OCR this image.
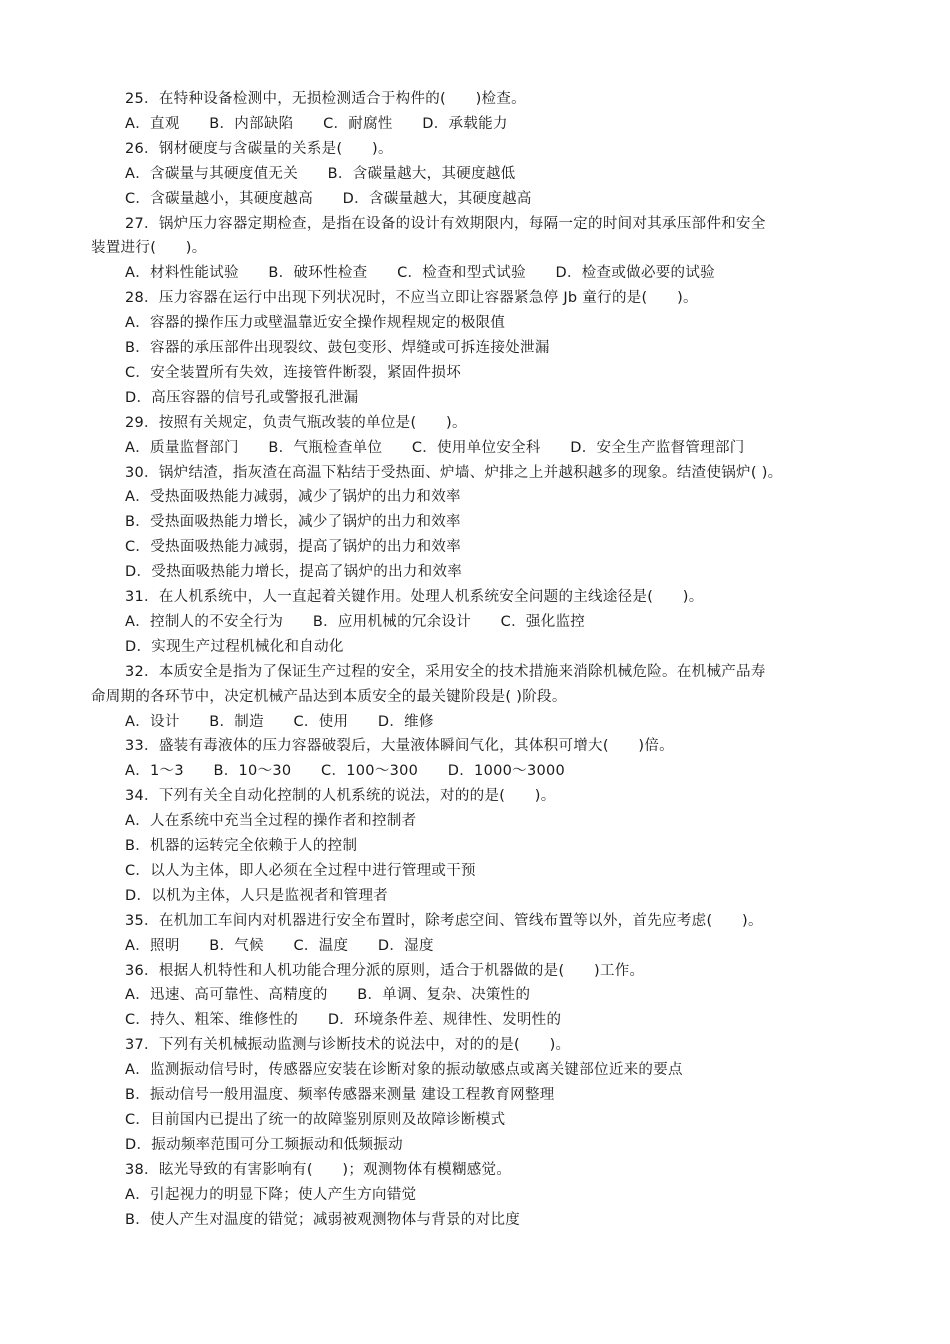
25．在特种设备检测中，无损检测适合于构件的(　　)检查。
A．直观　　B．内部缺陷　　C．耐腐性　　D．承载能力
26．钢材硬度与含碳量的关系是(　　)。
A．含碳量与其硬度值无关　　B．含碳量越大，其硬度越低
C．含碳量越小，其硬度越高　　D．含碳量越大，其硬度越高
27．锅炉压力容器定期检查，是指在设备的设计有效期限内，每隔一定的时间对其承压部件和安全
装置进行(　　)。
A．材料性能试验　　B．破环性检查　　C．检查和型式试验　　D．检查或做必要的试验
28．压力容器在运行中出现下列状况时，不应当立即让容器紧急停 Jb 童行的是(　　)。
A．容器的操作压力或壁温靠近安全操作规程规定的极限值
B．容器的承压部件出现裂纹、鼓包变形、焊缝或可拆连接处泄漏
C．安全装置所有失效，连接管件断裂，紧固件损坏
D．高压容器的信号孔或警报孔泄漏
29．按照有关规定，负责气瓶改装的单位是(　　)。
A．质量监督部门　　B．气瓶检查单位　　C．使用单位安全科　　D．安全生产监督管理部门
30．锅炉结渣，指灰渣在高温下粘结于受热面、炉墙、炉排之上并越积越多的现象。结渣使锅炉( )。
A．受热面吸热能力减弱，减少了锅炉的出力和效率
B．受热面吸热能力增长，减少了锅炉的出力和效率
C．受热面吸热能力减弱，提高了锅炉的出力和效率
D．受热面吸热能力增长，提高了锅炉的出力和效率
31．在人机系统中，人一直起着关键作用。处理人机系统安全问题的主线途径是(　　)。
A．控制人的不安全行为　　B．应用机械的冗余设计　　C．强化监控
D．实现生产过程机械化和自动化
32．本质安全是指为了保证生产过程的安全，采用安全的技术措施来消除机械危险。在机械产品寿
命周期的各环节中，决定机械产品达到本质安全的最关键阶段是( )阶段。
A．设计　　B．制造　　C．使用　　D．维修
33．盛装有毒液体的压力容器破裂后，大量液体瞬间气化，其体积可增大(　　)倍。
A．1～3　　B．10～30　　C．100～300　　D．1000～3000
34．下列有关全自动化控制的人机系统的说法，对的的是(　　)。
A．人在系统中充当全过程的操作者和控制者
B．机器的运转完全依赖于人的控制
C．以人为主体，即人必须在全过程中进行管理或干预
D．以机为主体，人只是监视者和管理者
35．在机加工车间内对机器进行安全布置时，除考虑空间、管线布置等以外，首先应考虑(　　)。
A．照明　　B．气候　　C．温度　　D．湿度
36．根据人机特性和人机功能合理分派的原则，适合于机器做的是(　　)工作。
A．迅速、高可靠性、高精度的　　B．单调、复杂、决策性的
C．持久、粗笨、维修性的　　D．环境条件差、规律性、发明性的
37．下列有关机械振动监测与诊断技术的说法中，对的的是(　　)。
A．监测振动信号时，传感器应安装在诊断对象的振动敏感点或离关键部位近来的要点
B．振动信号一般用温度、频率传感器来测量 建设工程教育网整理
C．目前国内已提出了统一的故障鉴别原则及故障诊断模式
D．振动频率范围可分工频振动和低频振动
38．眩光导致的有害影响有(　　)；观测物体有模糊感觉。
A．引起视力的明显下降；使人产生方向错觉
B．使人产生对温度的错觉；减弱被观测物体与背景的对比度
